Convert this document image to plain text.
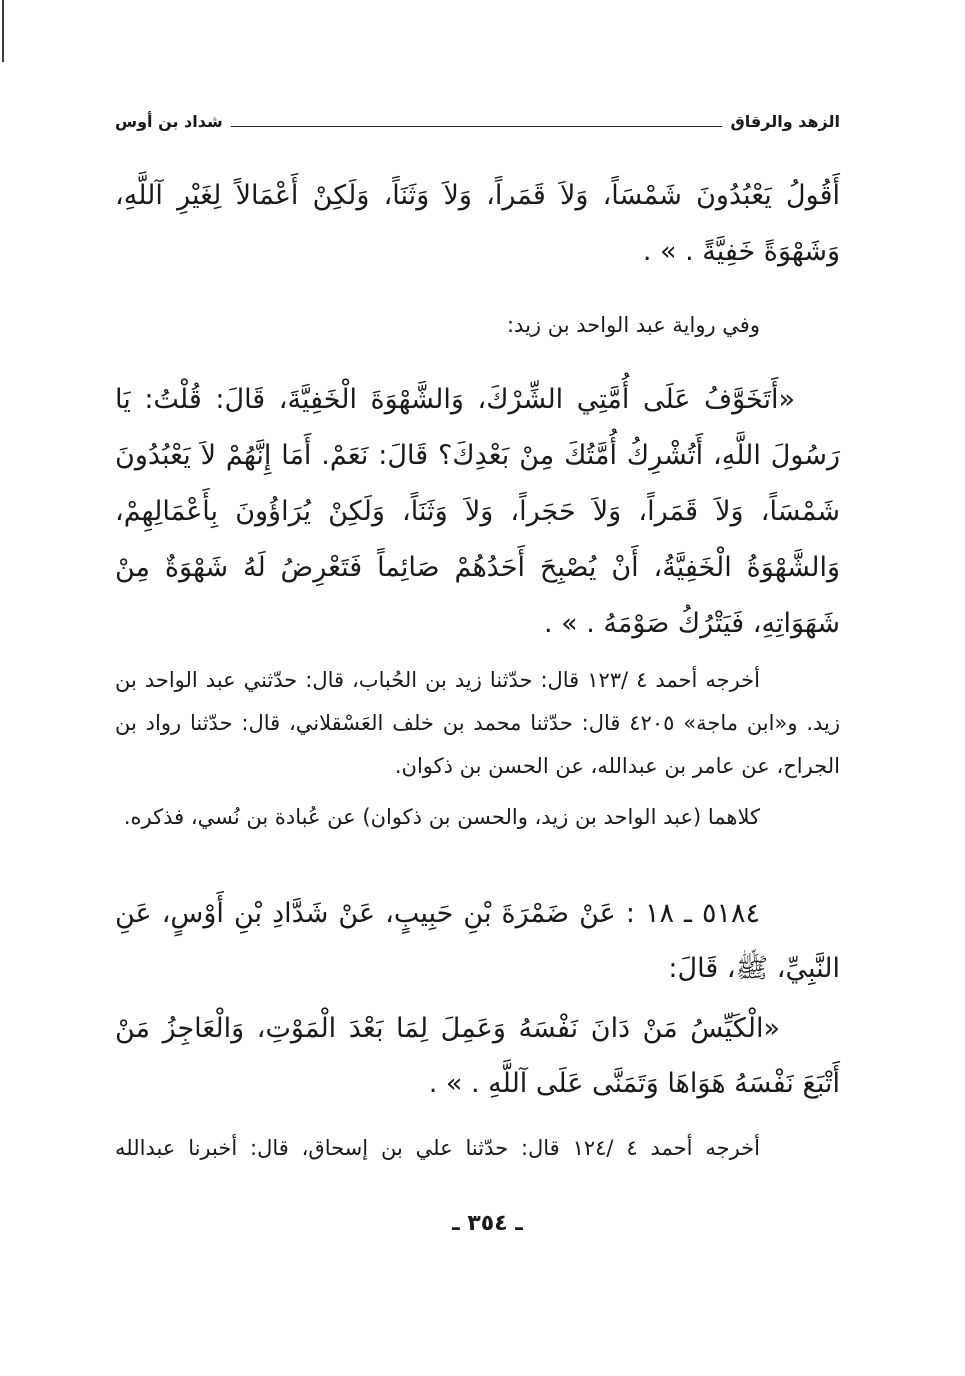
الزهد والرقاق
شداد بن أوس

أَقُولُ يَعْبُدُونَ شَمْسَاً، وَلاَ قَمَراً، وَلاَ وَثَنَاً، وَلَكِنْ أَعْمَالاً لِغَيْرِ آللَّهِ، وَشَهْوَةً خَفِيَّةً . » .

وفي رواية عبد الواحد بن زيد:

«أَتَخَوَّفُ عَلَى أُمَّتِي الشِّرْكَ، وَالشَّهْوَةَ الْخَفِيَّةَ، قَالَ: قُلْتُ: يَا رَسُولَ اللَّهِ، أَتُشْرِكُ أُمَّتُكَ مِنْ بَعْدِكَ؟ قَالَ: نَعَمْ. أَمَا إِنَّهُمْ لاَ يَعْبُدُونَ شَمْسَاً، وَلاَ قَمَراً، وَلاَ حَجَراً، وَلاَ وَثَنَاً، وَلَكِنْ يُرَاؤُونَ بِأَعْمَالِهِمْ، وَالشَّهْوَةُ الْخَفِيَّةُ، أَنْ يُصْبِحَ أَحَدُهُمْ صَائِماً فَتَعْرِضُ لَهُ شَهْوَةٌ مِنْ شَهَوَاتِهِ، فَيَتْرُكُ صَوْمَهُ . » .

أخرجه أحمد ٤ /١٢٣ قال: حدّثنا زيد بن الحُباب، قال: حدّثني عبد الواحد بن زيد. و«ابن ماجة» ٤٢٠٥ قال: حدّثنا محمد بن خلف العَسْقلاني، قال: حدّثنا رواد بن الجراح، عن عامر بن عبدالله، عن الحسن بن ذكوان.

كلاهما (عبد الواحد بن زيد، والحسن بن ذكوان) عن عُبادة بن نُسي، فذكره.

٥١٨٤ ـ ١٨ : عَنْ ضَمْرَةَ بْنِ حَبِيبٍ، عَنْ شَدَّادِ بْنِ أَوْسٍ، عَنِ النَّبِيِّ، ﷺ، قَالَ:

«الْكَيِّسُ مَنْ دَانَ نَفْسَهُ وَعَمِلَ لِمَا بَعْدَ الْمَوْتِ، وَالْعَاجِزُ مَنْ أَتْبَعَ نَفْسَهُ هَوَاهَا وَتَمَنَّى عَلَى آللَّهِ . » .

أخرجه أحمد ٤ /١٢٤ قال: حدّثنا علي بن إسحاق، قال: أخبرنا عبدالله

ـ ٣٥٤ ـ
